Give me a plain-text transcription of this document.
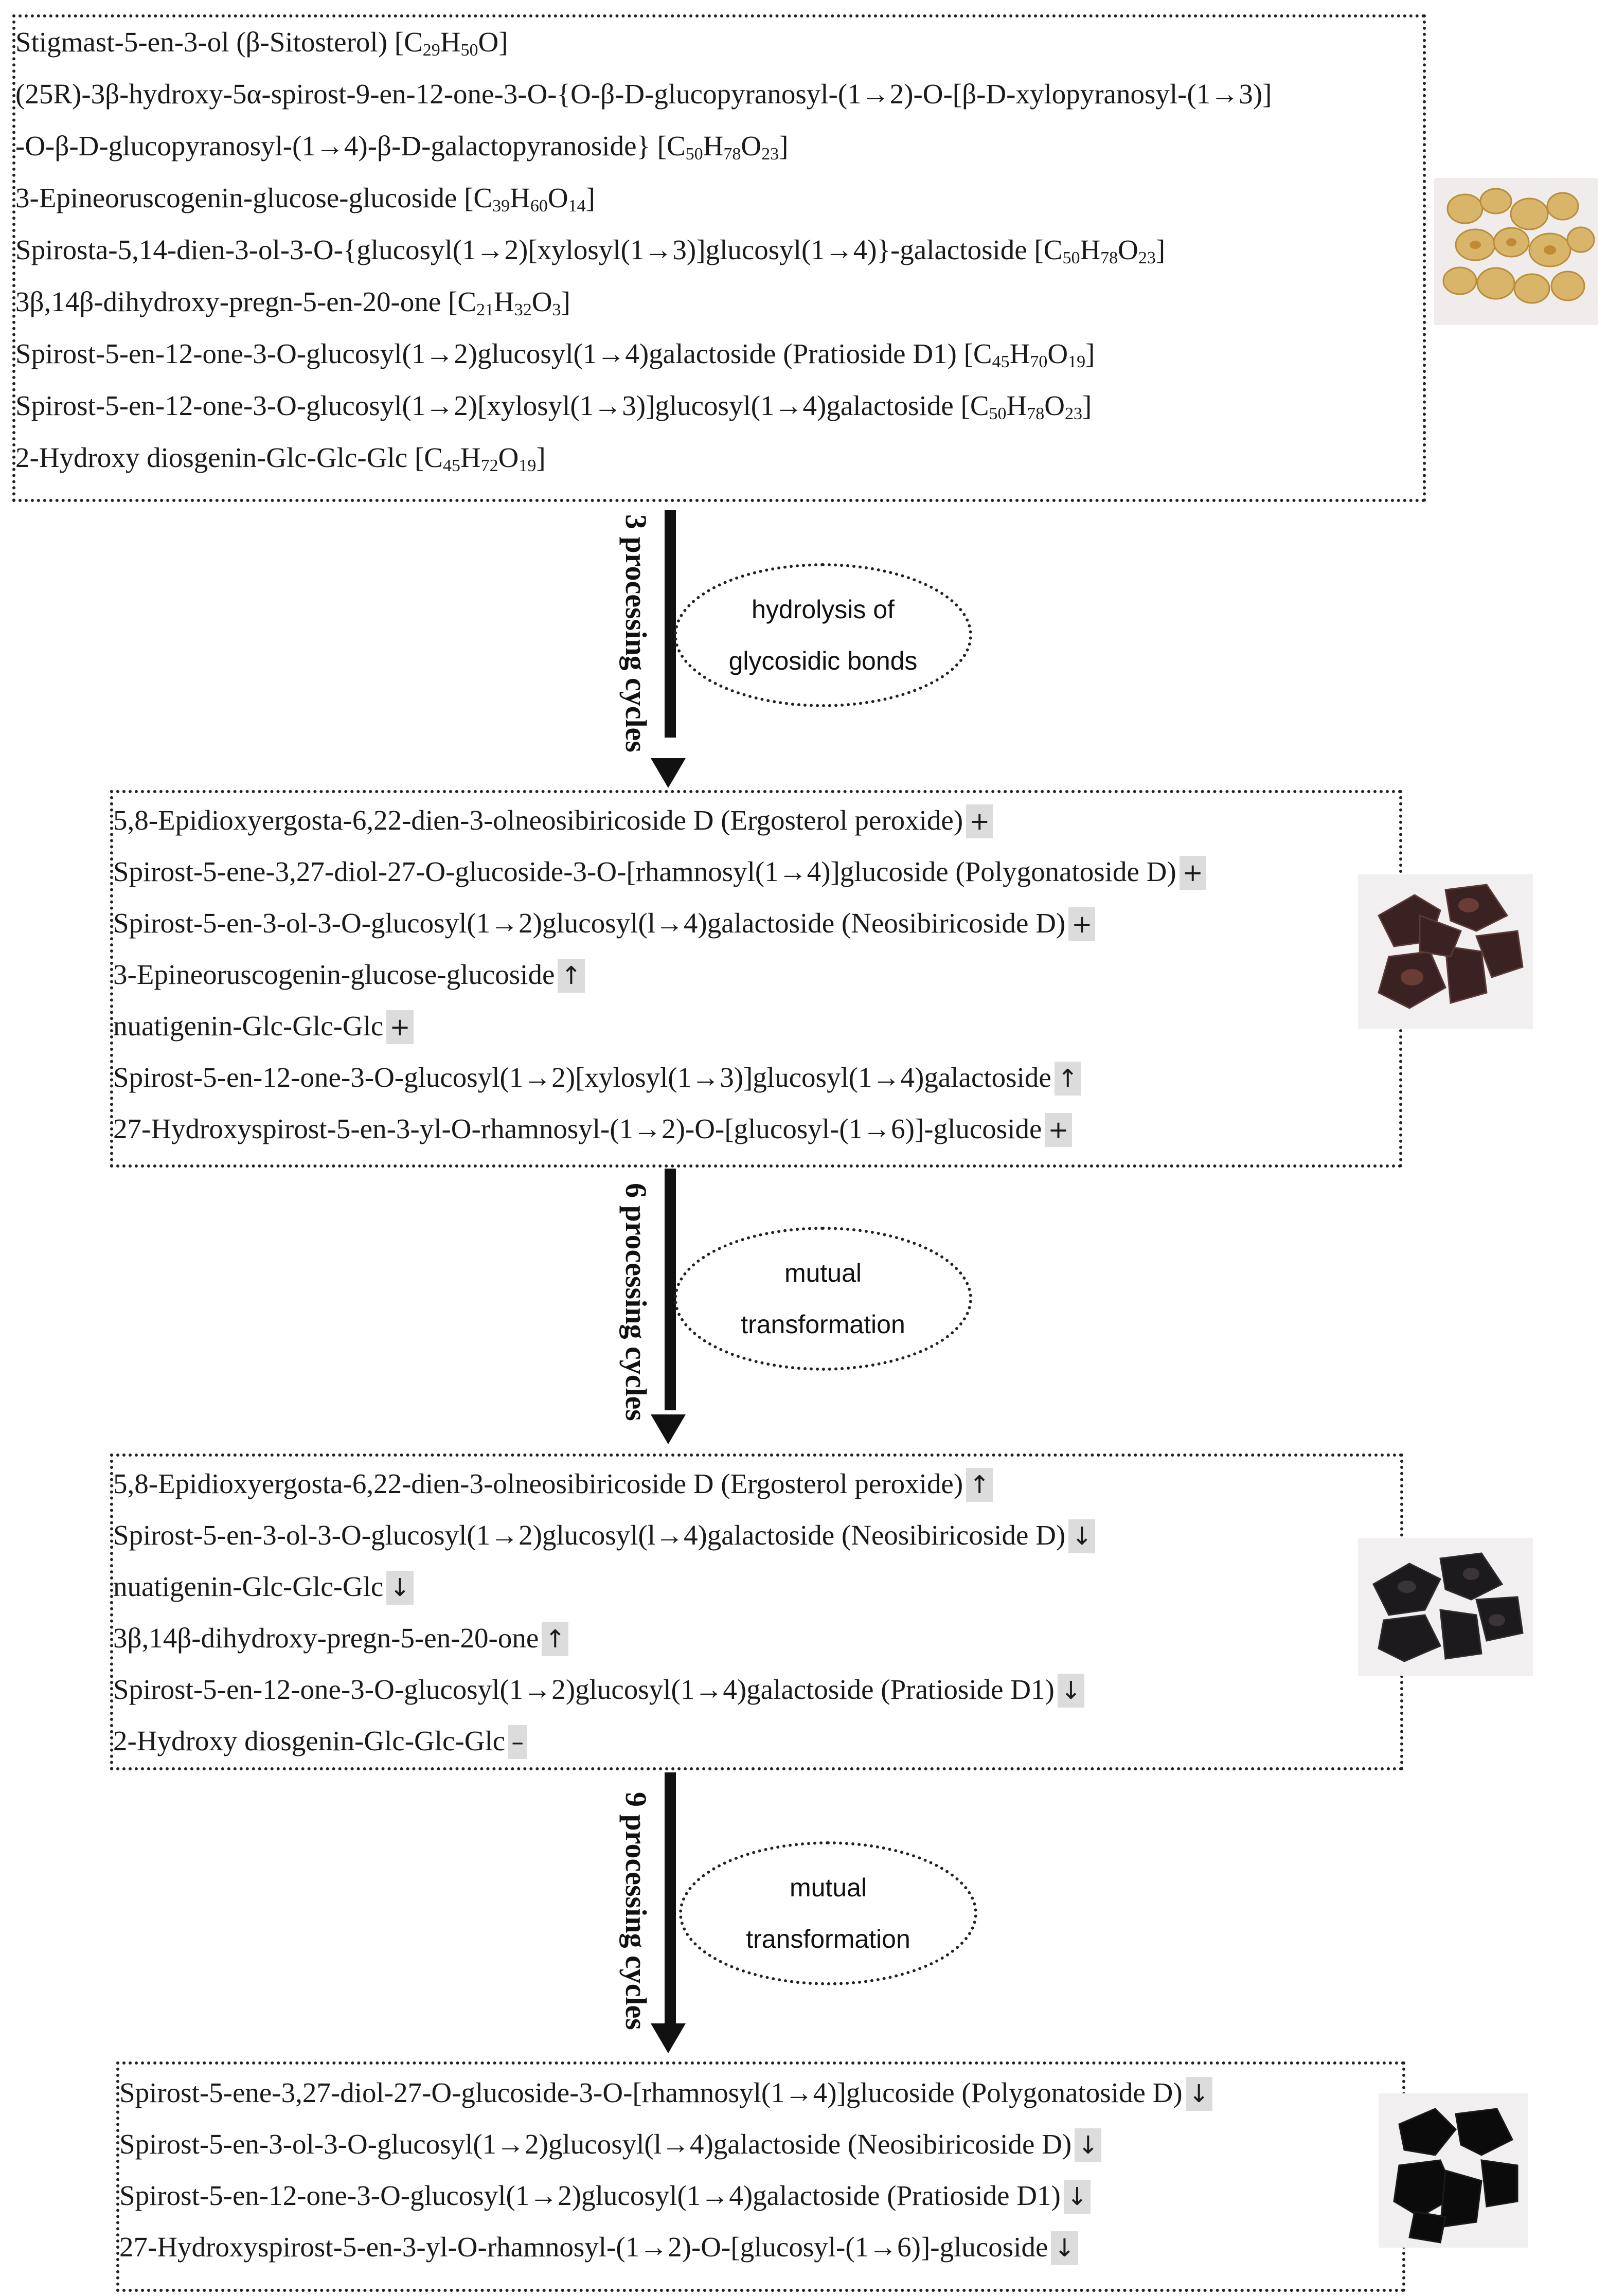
Stigmast-5-en-3-ol (β-Sitosterol) $[C_{29}H_{50}O]$
(25R)-3β-hydroxy-5α-spirost-9-en-12-one-3-O-{O-β-D-glucopyranosyl-(1→2)-O-[β-D-xylopyranosyl-(1→3)]
-O-β-D-glucopyranosyl-(1→4)-β-D-galactopyranoside} $[C_{50}H_{78}O_{23}]$
3-Epineoruscogenin-glucose-glucoside $[C_{39}H_{60}O_{14}]$
Spirosta-5,14-dien-3-ol-3-O-{glucosyl(1→2)[xylosyl(1→3)]glucosyl(1→4)}-galactoside $[C_{50}H_{78}O_{23}]$
3β,14β-dihydroxy-pregn-5-en-20-one $[C_{21}H_{32}O_3]$
Spirost-5-en-12-one-3-O-glucosyl(1→2)glucosyl(1→4)galactoside (Pratioside D1) $[C_{45}H_{70}O_{19}]$
Spirost-5-en-12-one-3-O-glucosyl(1→2)[xylosyl(1→3)]glucosyl(1→4)galactoside $[C_{50}H_{78}O_{23}]$
2-Hydroxy diosgenin-Glc-Glc-Glc $[C_{45}H_{72}O_{19}]$
3 processing cycles	hydrolysis of
glycosidic bonds
5,8-Epidioxyergosta-6,22-dien-3-olneosibiricoside D (Ergosterol peroxide) +
Spirost-5-ene-3,27-diol-27-O-glucoside-3-O-[rhamnosyl(1→4)]glucoside (Polygonatoside D) +
Spirost-5-en-3-ol-3-O-glucosyl(1→2)glucosyl(l→4)galactoside (Neosibiricoside D) +
3-Epineoruscogenin-glucose-glucoside ↑
nuatigenin-Glc-Glc-Glc +
Spirost-5-en-12-one-3-O-glucosyl(1→2)[xylosyl(1→3)]glucosyl(1→4)galactoside ↑
27-Hydroxyspirost-5-en-3-yl-O-rhamnosyl-(1→2)-O-[glucosyl-(1→6)]-glucoside +
6 processing cycles	mutual
transformation
5,8-Epidioxyergosta-6,22-dien-3-olneosibiricoside D (Ergosterol peroxide) ↑
Spirost-5-en-3-ol-3-O-glucosyl(1→2)glucosyl(l→4)galactoside (Neosibiricoside D) ↓
nuatigenin-Glc-Glc-Glc ↓
3β,14β-dihydroxy-pregn-5-en-20-one ↑
Spirost-5-en-12-one-3-O-glucosyl(1→2)glucosyl(1→4)galactoside (Pratioside D1) ↓
2-Hydroxy diosgenin-Glc-Glc-Glc –
9 processing cycles	mutual
transformation
Spirost-5-ene-3,27-diol-27-O-glucoside-3-O-[rhamnosyl(1→4)]glucoside (Polygonatoside D) ↓
Spirost-5-en-3-ol-3-O-glucosyl(1→2)glucosyl(l→4)galactoside (Neosibiricoside D) ↓
Spirost-5-en-12-one-3-O-glucosyl(1→2)glucosyl(1→4)galactoside (Pratioside D1) ↓
27-Hydroxyspirost-5-en-3-yl-O-rhamnosyl-(1→2)-O-[glucosyl-(1→6)]-glucoside ↓
